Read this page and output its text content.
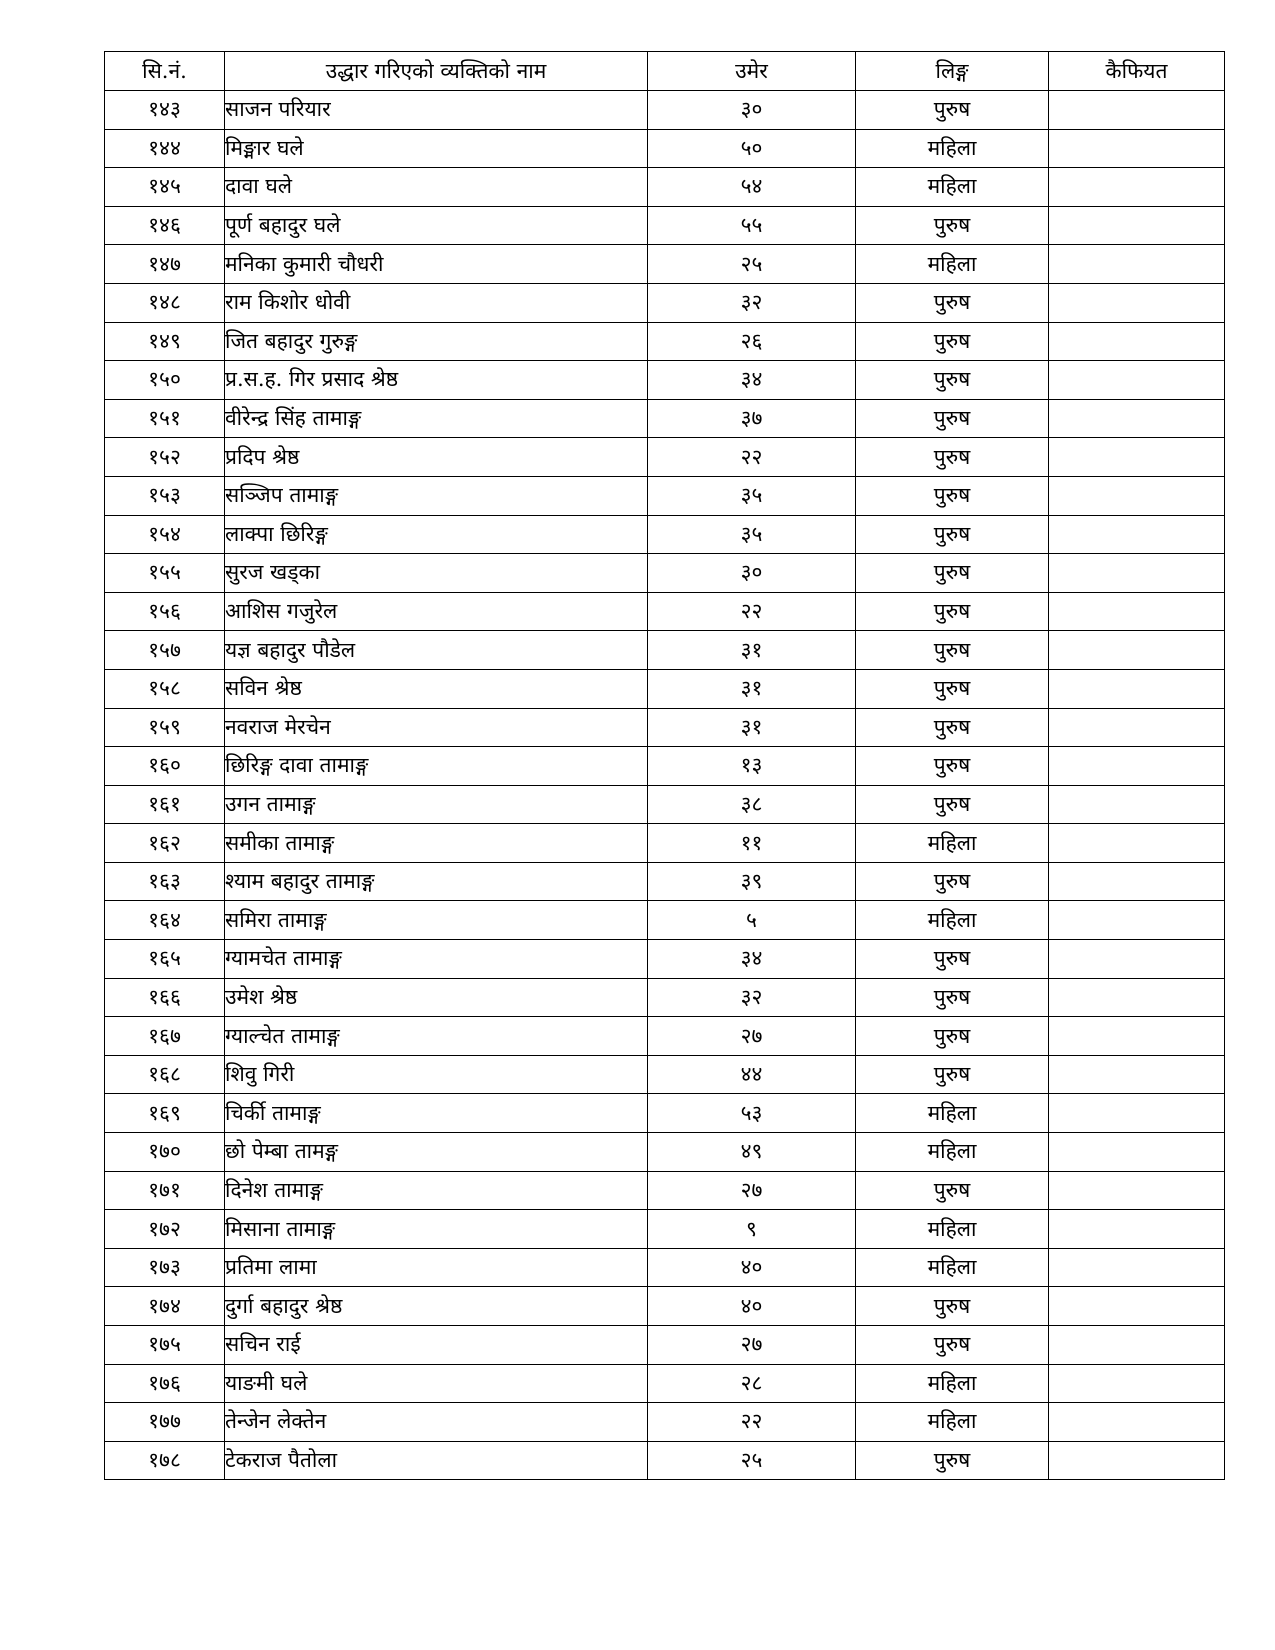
सि.नं.	उद्धार गरिएको व्यक्तिको नाम	उमेर	लिङ्ग	कैफियत
१४३	साजन परियार	३०	पुरुष	
१४४	मिङ्मार घले	५०	महिला	
१४५	दावा घले	५४	महिला	
१४६	पूर्ण बहादुर घले	५५	पुरुष	
१४७	मनिका कुमारी चौधरी	२५	महिला	
१४८	राम किशोर धोवी	३२	पुरुष	
१४९	जित बहादुर गुरुङ्ग	२६	पुरुष	
१५०	प्र.स.ह. गिर प्रसाद श्रेष्ठ	३४	पुरुष	
१५१	वीरेन्द्र सिंह तामाङ्ग	३७	पुरुष	
१५२	प्रदिप श्रेष्ठ	२२	पुरुष	
१५३	सञ्जिप तामाङ्ग	३५	पुरुष	
१५४	लाक्पा छिरिङ्ग	३५	पुरुष	
१५५	सुरज खड्का	३०	पुरुष	
१५६	आशिस गजुरेल	२२	पुरुष	
१५७	यज्ञ बहादुर पौडेल	३१	पुरुष	
१५८	सविन श्रेष्ठ	३१	पुरुष	
१५९	नवराज मेरचेन	३१	पुरुष	
१६०	छिरिङ्ग दावा तामाङ्ग	१३	पुरुष	
१६१	उगन तामाङ्ग	३८	पुरुष	
१६२	समीका तामाङ्ग	११	महिला	
१६३	श्याम बहादुर तामाङ्ग	३९	पुरुष	
१६४	समिरा तामाङ्ग	५	महिला	
१६५	ग्यामचेत तामाङ्ग	३४	पुरुष	
१६६	उमेश श्रेष्ठ	३२	पुरुष	
१६७	ग्याल्चेत तामाङ्ग	२७	पुरुष	
१६८	शिवु गिरी	४४	पुरुष	
१६९	चिर्की तामाङ्ग	५३	महिला	
१७०	छो पेम्बा तामङ्ग	४९	महिला	
१७१	दिनेश तामाङ्ग	२७	पुरुष	
१७२	मिसाना तामाङ्ग	९	महिला	
१७३	प्रतिमा लामा	४०	महिला	
१७४	दुर्गा बहादुर श्रेष्ठ	४०	पुरुष	
१७५	सचिन राई	२७	पुरुष	
१७६	याङमी घले	२८	महिला	
१७७	तेन्जेन लेक्तेन	२२	महिला	
१७८	टेकराज पैतोला	२५	पुरुष	
